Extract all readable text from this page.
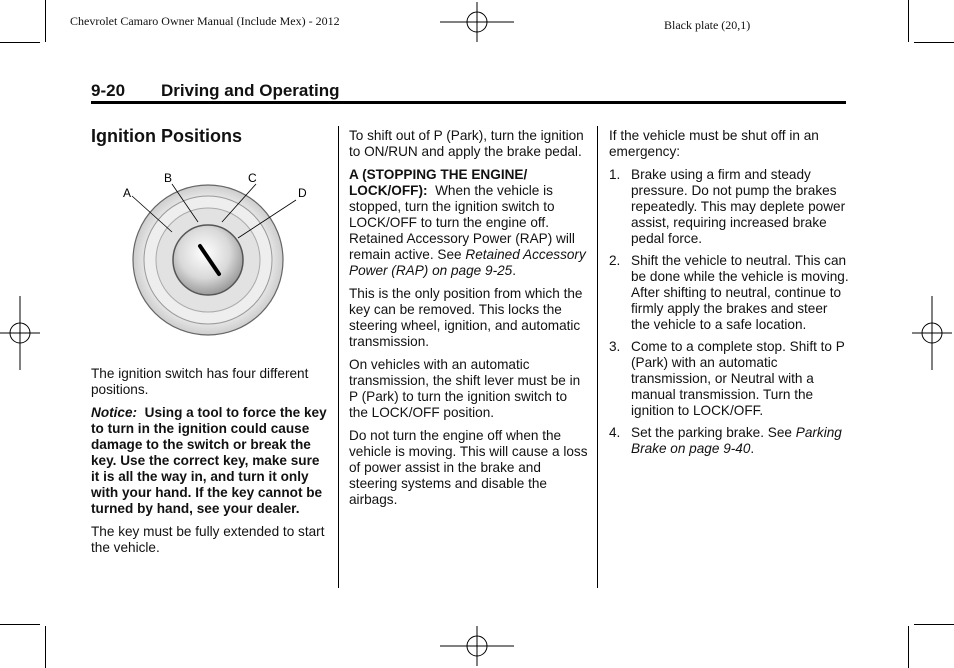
Chevrolet Camaro Owner Manual (Include Mex) - 2012	Black plate (20,1)
9-20 Driving and Operating
Ignition Positions
A
B	C
D

The ignition switch has four different positions.

Notice: Using a tool to force the key to turn in the ignition could cause damage to the switch or break the key. Use the correct key, make sure it is all the way in, and turn it only with your hand. If the key cannot be turned by hand, see your dealer.

The key must be fully extended to start the vehicle.

To shift out of P (Park), turn the ignition to ON/RUN and apply the brake pedal.

A (STOPPING THE ENGINE/ LOCK/OFF): When the vehicle is stopped, turn the ignition switch to LOCK/OFF to turn the engine off. Retained Accessory Power (RAP) will remain active. See Retained Accessory Power (RAP) on page 9-25.

This is the only position from which the key can be removed. This locks the steering wheel, ignition, and automatic transmission.

On vehicles with an automatic transmission, the shift lever must be in P (Park) to turn the ignition switch to the LOCK/OFF position.

Do not turn the engine off when the vehicle is moving. This will cause a loss of power assist in the brake and steering systems and disable the airbags.

If the vehicle must be shut off in an emergency:

1. Brake using a firm and steady pressure. Do not pump the brakes repeatedly. This may deplete power assist, requiring increased brake pedal force.
2. Shift the vehicle to neutral. This can be done while the vehicle is moving. After shifting to neutral, continue to firmly apply the brakes and steer the vehicle to a safe location.
3. Come to a complete stop. Shift to P (Park) with an automatic transmission, or Neutral with a manual transmission. Turn the ignition to LOCK/OFF.
4. Set the parking brake. See Parking Brake on page 9-40.
